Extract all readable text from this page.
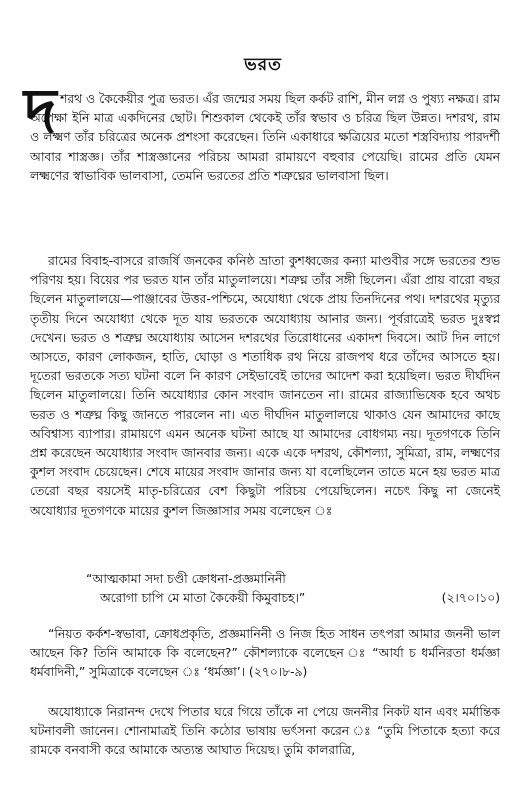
ভরত
দ শরথ ও কৈকেয়ীর পুত্র ভরত। এঁর জন্মের সময় ছিল কর্কট রাশি, মীন লগ্ন ও পুষ্য্য নক্ষত্র। রাম অপেক্ষা ইনি মাত্র একদিনের ছোট। শিশুকাল থেকেই তাঁর স্বভাব ও চরিত্র ছিল উন্নত। দশরথ, রাম ও লক্ষ্মণ তাঁর চরিত্রের অনেক প্রশংসা করেছেন। তিনি একাধারে ক্ষত্রিয়ের মতো শস্ত্রবিদ্যায় পারদর্শী আবার শাস্ত্রজ্ঞ। তাঁর শাস্ত্রজ্ঞানের পরিচয় আমরা রামায়ণে বহুবার পেয়েছি। রামের প্রতি যেমন লক্ষ্মণের স্বাভাবিক ভালবাসা, তেমনি ভরতের প্রতি শত্রুঘ্নের ভালবাসা ছিল।

রামের বিবাহ-বাসরে রাজর্ষি জনকের কনিষ্ঠ ভ্রাতা কুশধ্বজের কন্যা মাণ্ডবীর সঙ্গে ভরতের শুভ পরিণয় হয়। বিয়ের পর ভরত যান তাঁর মাতুলালয়ে। শত্রুঘ্ন তাঁর সঙ্গী ছিলেন। এঁরা প্রায় বারো বছর ছিলেন মাতুলালয়ে—পাঞ্জাবের উত্তর-পশ্চিমে, অযোধ্যা থেকে প্রায় তিনদিনের পথ। দশরথের মৃত্যুর তৃতীয় দিনে অযোধ্যা থেকে দূত যায় ভরতকে অযোধ্যায় আনার জন্য। পূর্বরাত্রেই ভরত দুঃস্বপ্ন দেখেন। ভরত ও শত্রুঘ্ন অযোধ্যায় আসেন দশরথের তিরোধানের একাদশ দিবসে। আট দিন লাগে আসতে, কারণ লোকজন, হাতি, ঘোড়া ও শতাধিক রথ নিয়ে রাজপথ ধরে তাঁদের আসতে হয়। দূতেরা ভরতকে সত্য ঘটনা বলে নি কারণ সেইভাবেই তাদের আদেশ করা হয়েছিল। ভরত দীর্ঘদিন ছিলেন মাতুলালয়ে। তিনি অযোধ্যার কোন সংবাদ জানতেন না। রামের রাজ্যাভিষেক হবে অথচ ভরত ও শত্রুঘ্ন কিছু জানতে পারলেন না। এত দীর্ঘদিন মাতুলালয়ে থাকাও যেন আমাদের কাছে অবিশ্বাস্য ব্যাপার। রামায়ণে এমন অনেক ঘটনা আছে যা আমাদের বোধগম্য নয়। দূতগণকে তিনি প্রশ্ন করেছেন অযোধ্যার সংবাদ জানবার জন্য। একে একে দশরথ, কৌশল্যা, সুমিত্রা, রাম, লক্ষ্মণের কুশল সংবাদ চেয়েছেন। শেষে মায়ের সংবাদ জানার জন্য যা বলেছিলেন তাতে মনে হয় ভরত মাত্র তেরো বছর বয়সেই মাতৃ-চরিত্রের বেশ কিছুটা পরিচয় পেয়েছিলেন। নচেৎ কিছু না জেনেই অযোধ্যার দূতগণকে মায়ের কুশল জিজ্ঞাসার সময় বলেছেন ঃ

“আত্মকামা সদা চণ্ডী ক্রোধনা-প্রজ্ঞমানিনী
অরোগা চাপি মে মাতা কৈকেয়ী কিমুবাচহ।”	(২।৭০।১০)

“নিয়ত কর্কশ-স্বভাবা, ক্রোধপ্রকৃতি, প্রজ্ঞমানিনী ও নিজ হিত সাধন তৎপরা আমার জননী ভাল আছেন কি? তিনি আমাকে কি বলেছেন?” কৌশল্যাকে বলেছেন ঃ “আর্যা চ ধর্মনিরতা ধর্মজ্ঞা ধর্মবাদিনী,” সুমিত্রাকে বলেছেন ঃ ‘ধর্মজ্ঞা’। (২৭০।৮-৯)

অযোধ্যাকে নিরানন্দ দেখে পিতার ঘরে গিয়ে তাঁকে না পেয়ে জননীর নিকট যান এবং মর্মান্তিক ঘটনাবলী জানেন। শোনামাত্রই তিনি কঠোর ভাষায় ভর্ৎসনা করেন ঃ “তুমি পিতাকে হত্যা করে রামকে বনবাসী করে আমাকে অত্যন্ত আঘাত দিয়েছ। তুমি কালরাত্রি,
